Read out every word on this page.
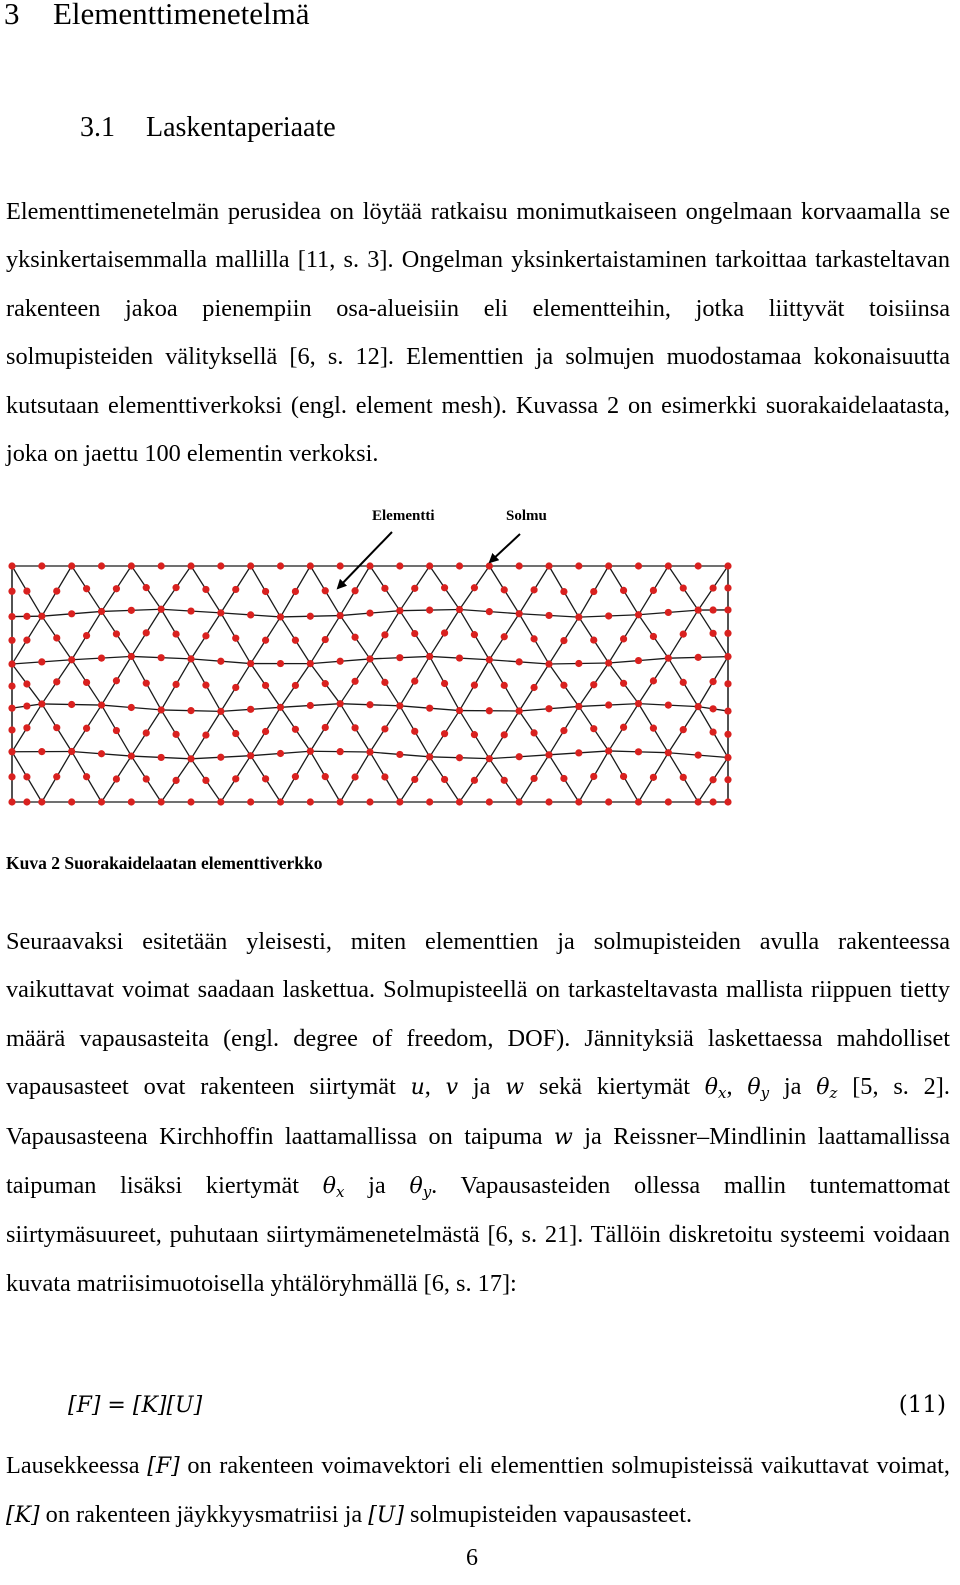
3 Elementtimenetelmä
3.1 Laskentaperiaate

Elementtimenetelmän perusidea on löytää ratkaisu monimutkaiseen ongelmaan korvaamalla se yksinkertaisemmalla mallilla [11, s. 3]. Ongelman yksinkertaistaminen tarkoittaa tarkasteltavan rakenteen jakoa pienempiin osa-alueisiin eli elementteihin, jotka liittyvät toisiinsa solmupisteiden välityksellä [6, s. 12]. Elementtien ja solmujen muodostamaa kokonaisuutta kutsutaan elementtiverkoksi (engl. element mesh). Kuvassa 2 on esimerkki suorakaidelaatasta, joka on jaettu 100 elementin verkoksi.

Elementti	Solmu
Kuva 2 Suorakaidelaatan elementtiverkko

Seuraavaksi esitetään yleisesti, miten elementtien ja solmupisteiden avulla rakenteessa vaikuttavat voimat saadaan laskettua. Solmupisteellä on tarkasteltavasta mallista riippuen tietty määrä vapausasteita (engl. degree of freedom, DOF). Jännityksiä laskettaessa mahdolliset vapausasteet ovat rakenteen siirtymät u, v ja w sekä kiertymät $\theta_x$, $\theta_y$ ja $\theta_z$ [5, s. 2]. Vapausasteena Kirchhoffin laattamallissa on taipuma w ja Reissner–Mindlinin laattamallissa taipuman lisäksi kiertymät $\theta_x$ ja $\theta_y$. Vapausasteiden ollessa mallin tuntemattomat siirtymäsuureet, puhutaan siirtymämenetelmästä [6, s. 21]. Tällöin diskretoitu systeemi voidaan kuvata matriisimuotoisella yhtälöryhmällä [6, s. 17]:

[F] = [K][U]	(11)

Lausekkeessa [F] on rakenteen voimavektori eli elementtien solmupisteissä vaikuttavat voimat, [K] on rakenteen jäykkyysmatriisi ja [U] solmupisteiden vapausasteet.

6
